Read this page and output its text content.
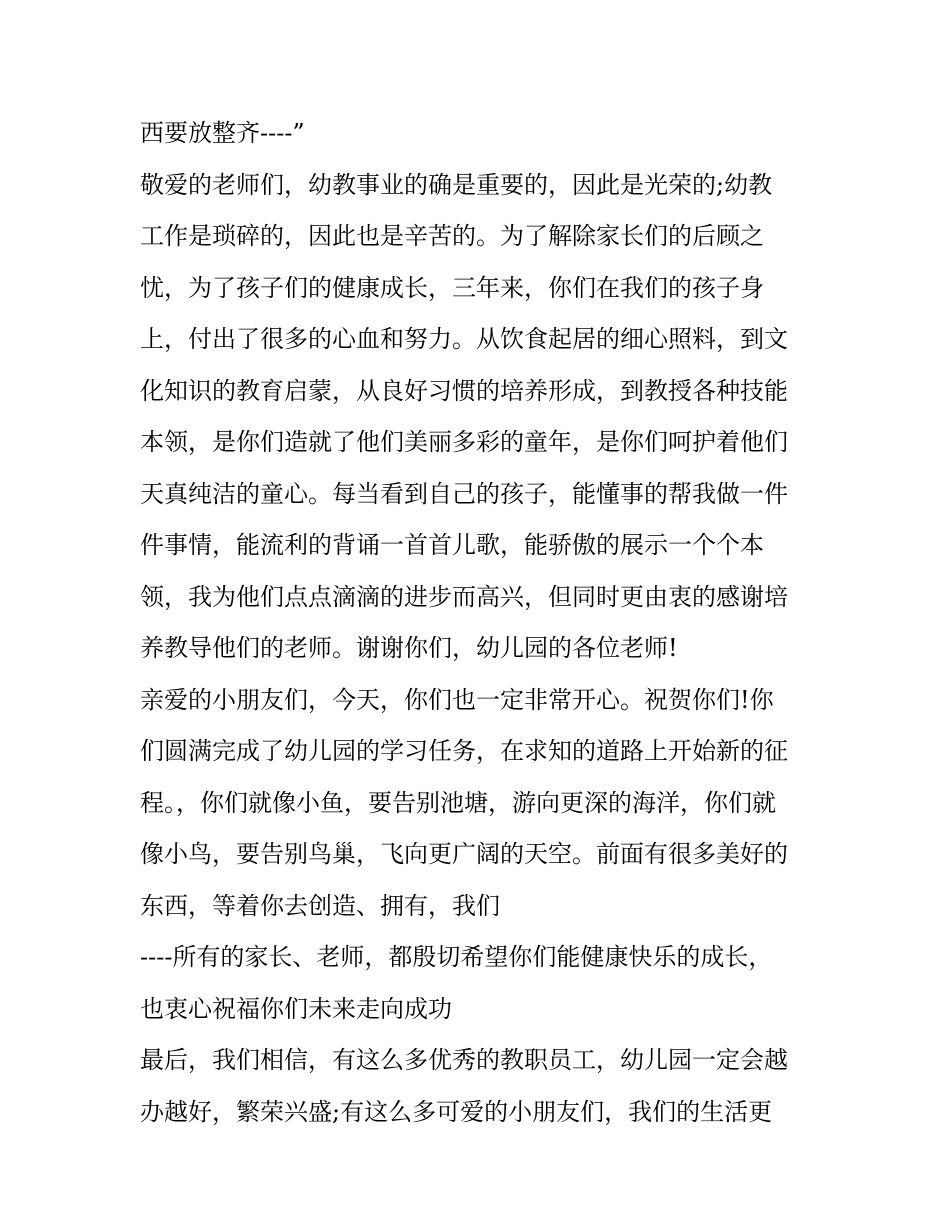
西要放整齐----”
敬爱的老师们，幼教事业的确是重要的，因此是光荣的;幼教
工作是琐碎的，因此也是辛苦的。为了解除家长们的后顾之
忧，为了孩子们的健康成长，三年来，你们在我们的孩子身
上，付出了很多的心血和努力。从饮食起居的细心照料，到文
化知识的教育启蒙，从良好习惯的培养形成，到教授各种技能
本领，是你们造就了他们美丽多彩的童年，是你们呵护着他们
天真纯洁的童心。每当看到自己的孩子，能懂事的帮我做一件
件事情，能流利的背诵一首首儿歌，能骄傲的展示一个个本
领，我为他们点点滴滴的进步而高兴，但同时更由衷的感谢培
养教导他们的老师。谢谢你们，幼儿园的各位老师!
亲爱的小朋友们，今天，你们也一定非常开心。祝贺你们!你
们圆满完成了幼儿园的学习任务，在求知的道路上开始新的征
程。，你们就像小鱼，要告别池塘，游向更深的海洋，你们就
像小鸟，要告别鸟巢，飞向更广阔的天空。前面有很多美好的
东西，等着你去创造、拥有，我们
----所有的家长、老师，都殷切希望你们能健康快乐的成长，
也衷心祝福你们未来走向成功
最后，我们相信，有这么多优秀的教职员工，幼儿园一定会越
办越好，繁荣兴盛;有这么多可爱的小朋友们，我们的生活更
